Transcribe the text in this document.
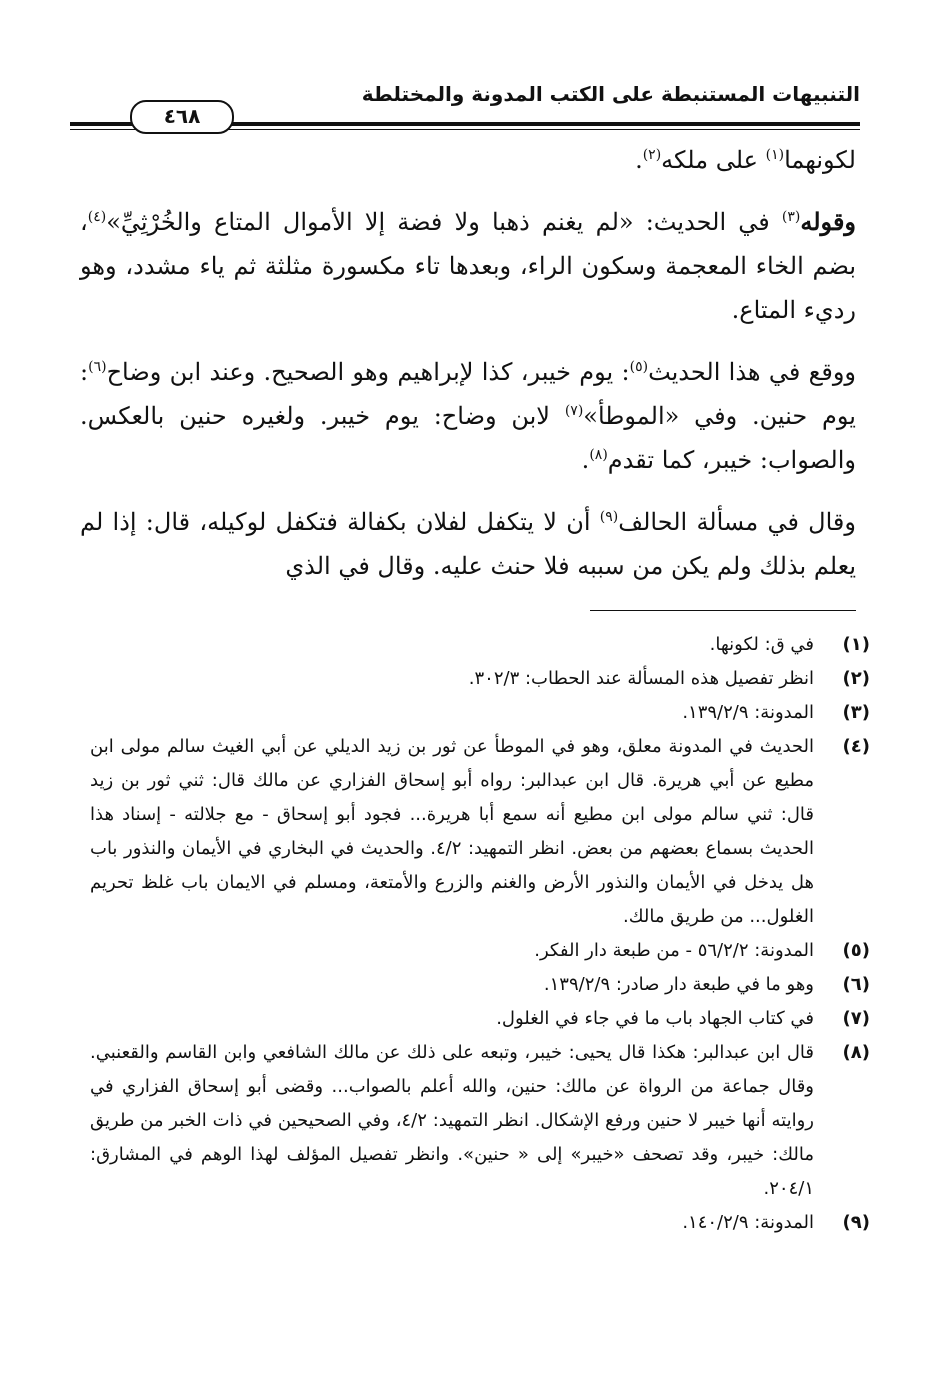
التنبيهات المستنبطة على الكتب المدونة والمختلطة
٤٦٨

لكونهما$^{(١)}$ على ملكه$^{(٢)}$.

وقوله$^{(٣)}$ في الحديث: «لم يغنم ذهبا ولا فضة إلا الأموال المتاع والخُرْثِيِّ»$^{(٤)}$، بضم الخاء المعجمة وسكون الراء، وبعدها تاء مكسورة مثلثة ثم ياء مشدد، وهو رديء المتاع.

ووقع في هذا الحديث$^{(٥)}$: يوم خيبر، كذا لإبراهيم وهو الصحيح. وعند ابن وضاح$^{(٦)}$: يوم حنين. وفي «الموطأ»$^{(٧)}$ لابن وضاح: يوم خيبر. ولغيره حنين بالعكس. والصواب: خيبر، كما تقدم$^{(٨)}$.

وقال في مسألة الحالف$^{(٩)}$ أن لا يتكفل لفلان بكفالة فتكفل لوكيله، قال: إذا لم يعلم بذلك ولم يكن من سببه فلا حنث عليه. وقال في الذي

(١)
في ق: لكونها.
(٢)
انظر تفصيل هذه المسألة عند الحطاب: ٣٠٢/٣.
(٣)
المدونة: ١٣٩/٢/٩.
(٤)
الحديث في المدونة معلق، وهو في الموطأ عن ثور بن زيد الديلي عن أبي الغيث سالم مولى ابن مطيع عن أبي هريرة. قال ابن عبدالبر: رواه أبو إسحاق الفزاري عن مالك قال: ثني ثور بن زيد قال: ثني سالم مولى ابن مطيع أنه سمع أبا هريرة... فجود أبو إسحاق - مع جلالته - إسناد هذا الحديث بسماع بعضهم من بعض. انظر التمهيد: ٤/٢. والحديث في البخاري في الأيمان والنذور باب هل يدخل في الأيمان والنذور الأرض والغنم والزرع والأمتعة، ومسلم في الايمان باب غلظ تحريم الغلول... من طريق مالك.
(٥)
المدونة: ٥٦/٢/٢ - من طبعة دار الفكر.
(٦)
وهو ما في طبعة دار صادر: ١٣٩/٢/٩.
(٧)
في كتاب الجهاد باب ما في جاء في الغلول.
(٨)
قال ابن عبدالبر: هكذا قال يحيى: خيبر، وتبعه على ذلك عن مالك الشافعي وابن القاسم والقعنبي. وقال جماعة من الرواة عن مالك: حنين، والله أعلم بالصواب... وقضى أبو إسحاق الفزاري في روايته أنها خيبر لا حنين ورفع الإشكال. انظر التمهيد: ٤/٢، وفي الصحيحين في ذات الخبر من طريق مالك: خيبر، وقد تصحف «خيبر» إلى « حنين». وانظر تفصيل المؤلف لهذا الوهم في المشارق: ٢٠٤/١.
(٩)
المدونة: ١٤٠/٢/٩.
